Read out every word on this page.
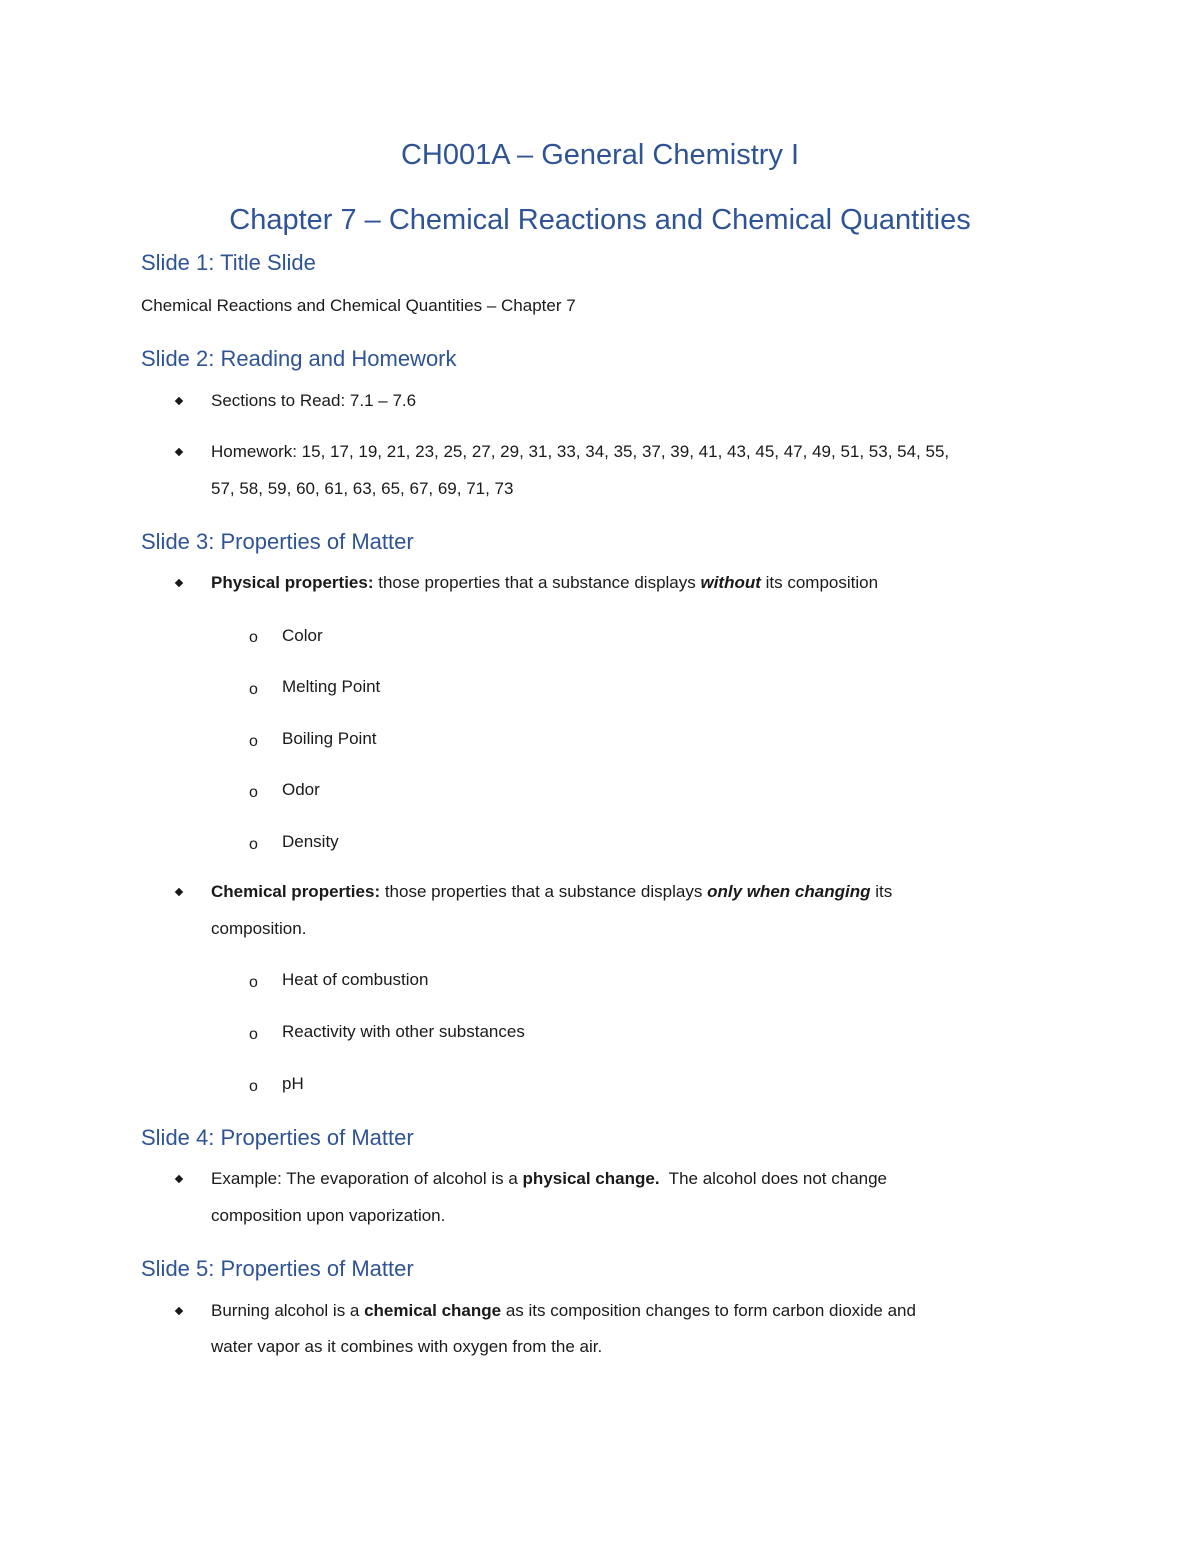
CH001A – General Chemistry I
Chapter 7 – Chemical Reactions and Chemical Quantities
Slide 1: Title Slide
Chemical Reactions and Chemical Quantities – Chapter 7
Slide 2: Reading and Homework
Sections to Read: 7.1 – 7.6
Homework: 15, 17, 19, 21, 23, 25, 27, 29, 31, 33, 34, 35, 37, 39, 41, 43, 45, 47, 49, 51, 53, 54, 55,
57, 58, 59, 60, 61, 63, 65, 67, 69, 71, 73
Slide 3: Properties of Matter
Physical properties: those properties that a substance displays without its composition
o Color
o Melting Point
o Boiling Point
o Odor
o Density
Chemical properties: those properties that a substance displays only when changing its
composition.
o Heat of combustion
o Reactivity with other substances
o pH
Slide 4: Properties of Matter
Example: The evaporation of alcohol is a physical change.  The alcohol does not change
composition upon vaporization.
Slide 5: Properties of Matter
Burning alcohol is a chemical change as its composition changes to form carbon dioxide and
water vapor as it combines with oxygen from the air.
